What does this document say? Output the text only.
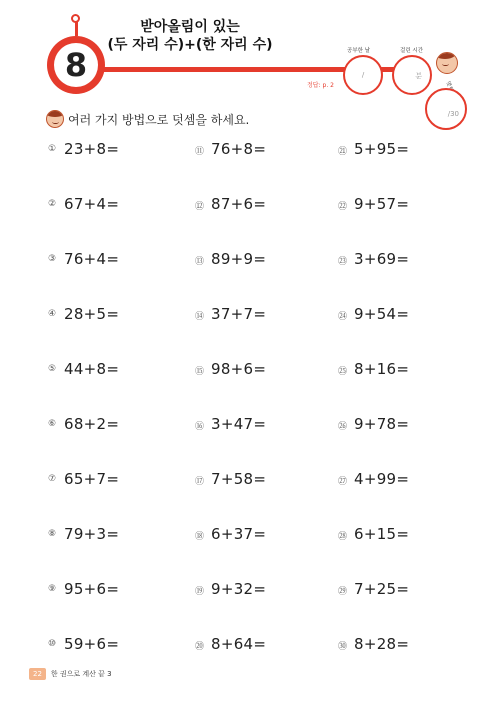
8
받아올림이 있는
(두 자리 수)+(한 자리 수)
정답: p. 2
공부한 날
/
걸린 시간
분
/30
여러 가지 방법으로 덧셈을 하세요.
① 23+8=
② 67+4=
③ 76+4=
④ 28+5=
⑤ 44+8=
⑥ 68+2=
⑦ 65+7=
⑧ 79+3=
⑨ 95+6=
⑩ 59+6=
⑪ 76+8=
⑫ 87+6=
⑬ 89+9=
⑭ 37+7=
⑮ 98+6=
⑯ 3+47=
⑰ 7+58=
⑱ 6+37=
⑲ 9+32=
⑳ 8+64=
㉑ 5+95=
㉒ 9+57=
㉓ 3+69=
㉔ 9+54=
㉕ 8+16=
㉖ 9+78=
㉗ 4+99=
㉘ 6+15=
㉙ 7+25=
㉚ 8+28=
22	한 권으로 계산 끝 3
